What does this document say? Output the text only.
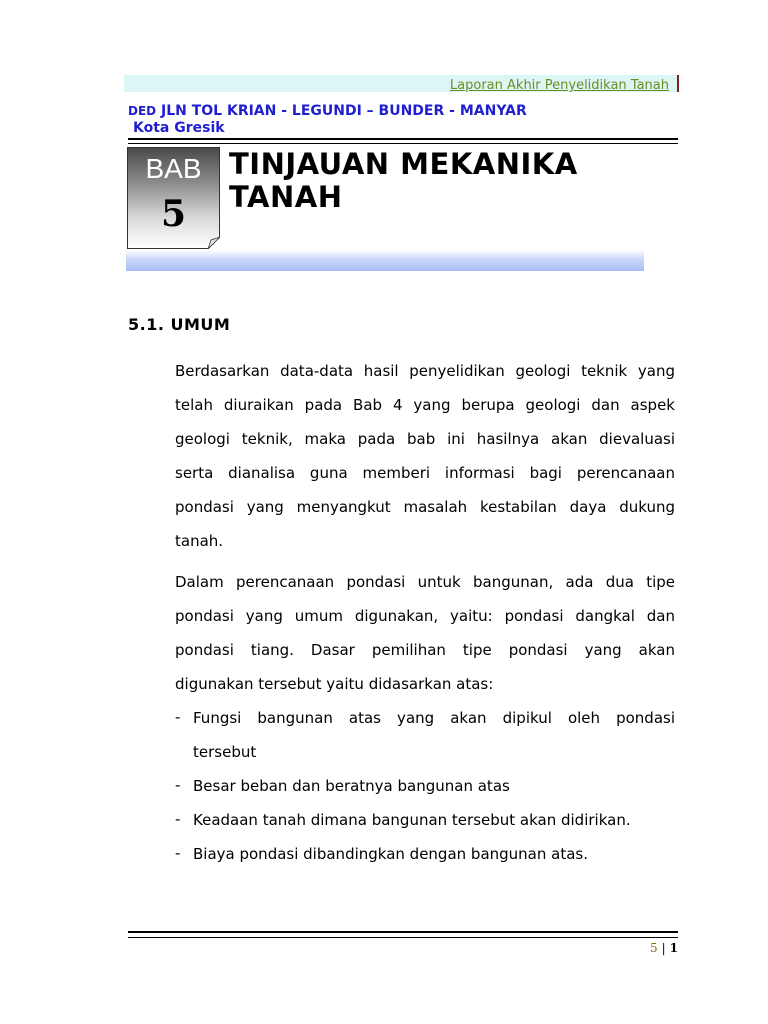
Laporan Akhir Penyelidikan Tanah
DED JLN TOL KRIAN - LEGUNDI – BUNDER - MANYAR
Kota Gresik
BAB
5
TINJAUAN MEKANIKA
TANAH
5.1. UMUM
Berdasarkan data-data hasil penyelidikan geologi teknik yang
telah diuraikan pada Bab 4 yang berupa geologi dan aspek
geologi teknik, maka pada bab ini hasilnya akan dievaluasi
serta dianalisa guna memberi informasi bagi perencanaan
pondasi yang menyangkut masalah kestabilan daya dukung
tanah.
Dalam perencanaan pondasi untuk bangunan, ada dua tipe
pondasi yang umum digunakan, yaitu: pondasi dangkal dan
pondasi tiang. Dasar pemilihan tipe pondasi yang akan
digunakan tersebut yaitu didasarkan atas:
- Fungsi bangunan atas yang akan dipikul oleh pondasi
tersebut
- Besar beban dan beratnya bangunan atas
- Keadaan tanah dimana bangunan tersebut akan didirikan.
- Biaya pondasi dibandingkan dengan bangunan atas.
5 | 1
